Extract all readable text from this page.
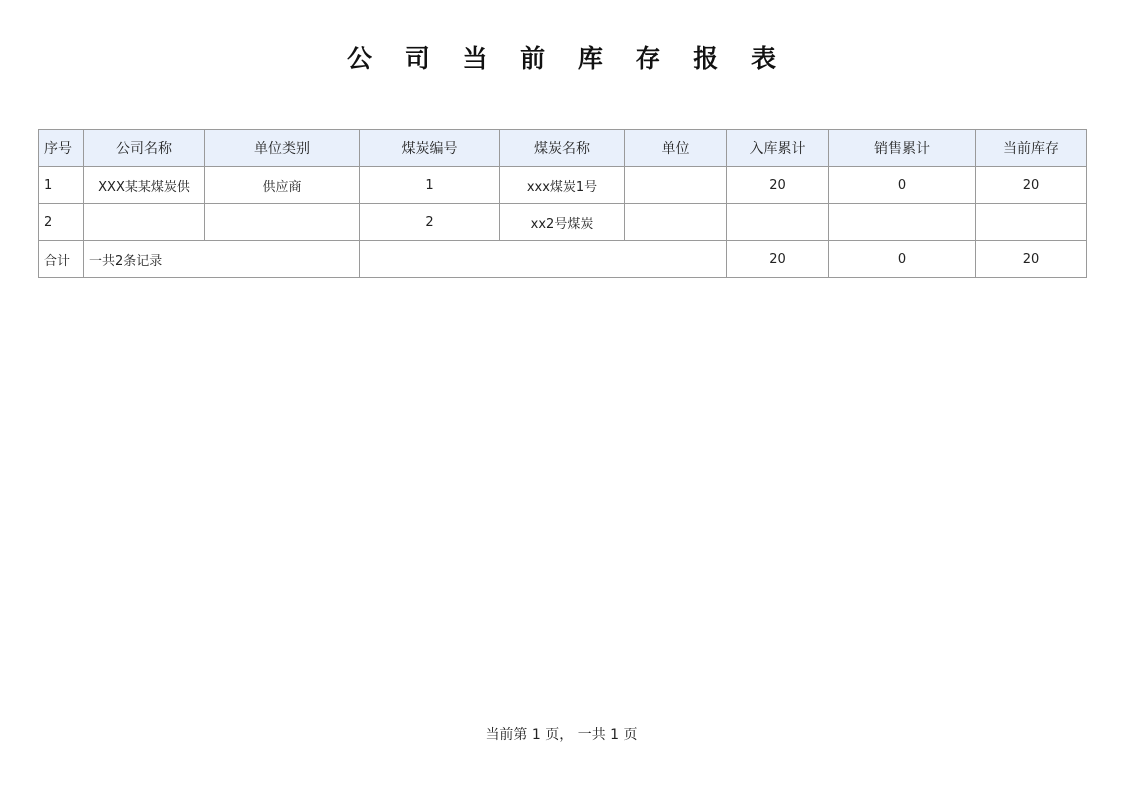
公 司 当 前 库 存 报 表
序号	公司名称	单位类别	煤炭编号	煤炭名称	单位	入库累计	销售累计	当前库存
1	XXX某某煤炭供	供应商	1	xxx煤炭1号		20	0	20
2			2	xx2号煤炭				
合计	一共2条记录					20	0	20
当前第 1 页， 一共 1 页
